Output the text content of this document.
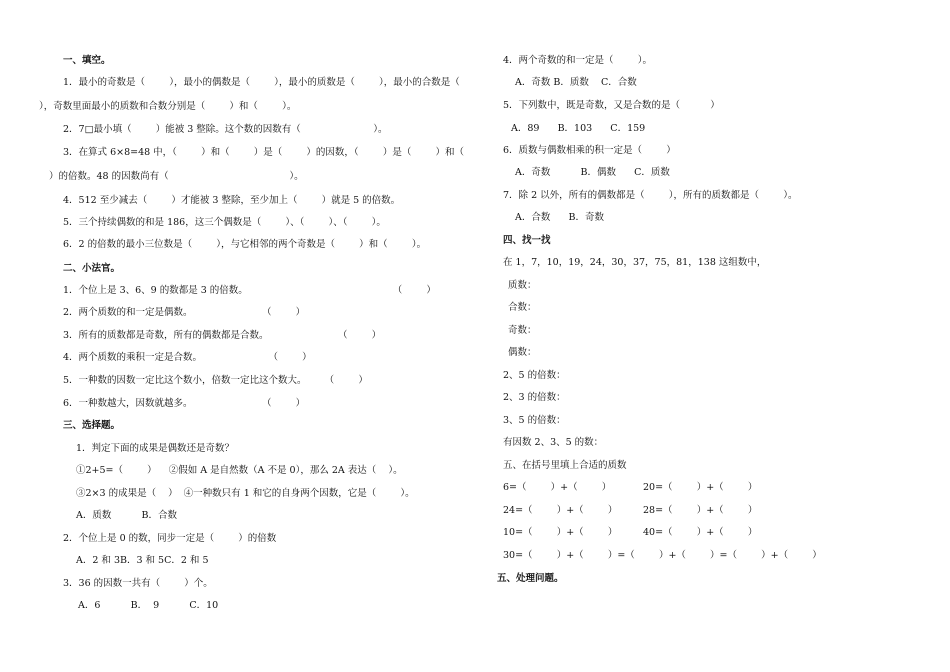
一、填空。
1．最小的奇数是（        ），最小的偶数是（        ），最小的质数是（        ），最小的合数是（
），奇数里面最小的质数和合数分别是（        ）和（        ）。
2．7□最小填（        ）能被 3 整除。这个数的因数有（                        ）。
3．在算式 6×8=48 中，（        ）和（        ）是（        ）的因数，（        ）是（        ）和（
）的倍数。48 的因数尚有（                                        ）。
4．512 至少减去（        ）才能被 3 整除，至少加上（        ）就是 5 的倍数。
5．三个持续偶数的和是 186，这三个偶数是（        ）、（        ）、（        ）。
6．2 的倍数的最小三位数是（        ），与它相邻的两个奇数是（        ）和（        ）。
二、小法官。
1．个位上是 3、6、9 的数都是 3 的倍数。                                                （        ）
2．两个质数的和一定是偶数。                       （        ）
3．所有的质数都是奇数，所有的偶数都是合数。                       （        ）
4．两个质数的乘积一定是合数。                      （        ）
5．一种数的因数一定比这个数小，倍数一定比这个数大。      （        ）
6．一种数越大，因数就越多。                       （        ）
三、选择题。
1．判定下面的成果是偶数还是奇数？
①2+5=（        ）    ②假如 A 是自然数（A 不是 0），那么 2A 表达（    ）。
③2×3 的成果是（    ）  ④一种数只有 1 和它的自身两个因数，它是（        ）。
A．质数          B．合数
2．个位上是 0 的数，同步一定是（        ）的倍数
A．2 和 3B．3 和 5C．2 和 5
3．36 的因数一共有（        ）个。
A．6          B．  9          C．10
4．两个奇数的和一定是（        ）。
A．奇数 B．质数    C．合数
5．下列数中，既是奇数，又是合数的是（          ）
A．89      B．103      C．159
6．质数与偶数相乘的积一定是（        ）
A．奇数          B．偶数      C．质数
7．除 2 以外，所有的偶数都是（        ），所有的质数都是（        ）。
A．合数      B．奇数
四、找一找
在 1，7，10，19，24，30，37，75，81，138 这组数中，
质数：
合数：
奇数：
偶数：
2、5 的倍数：
2、3 的倍数：
3、5 的倍数：
有因数 2、3、5 的数：
五、在括号里填上合适的质数
6=（        ）+（        ）	20=（        ）+（        ）
24=（        ）+（        ）	28=（        ）+（        ）
10=（        ）+（        ）	40=（        ）+（        ）
30=（        ）+（        ）=（        ）+（        ）=（        ）+（        ）
五、处理问题。
